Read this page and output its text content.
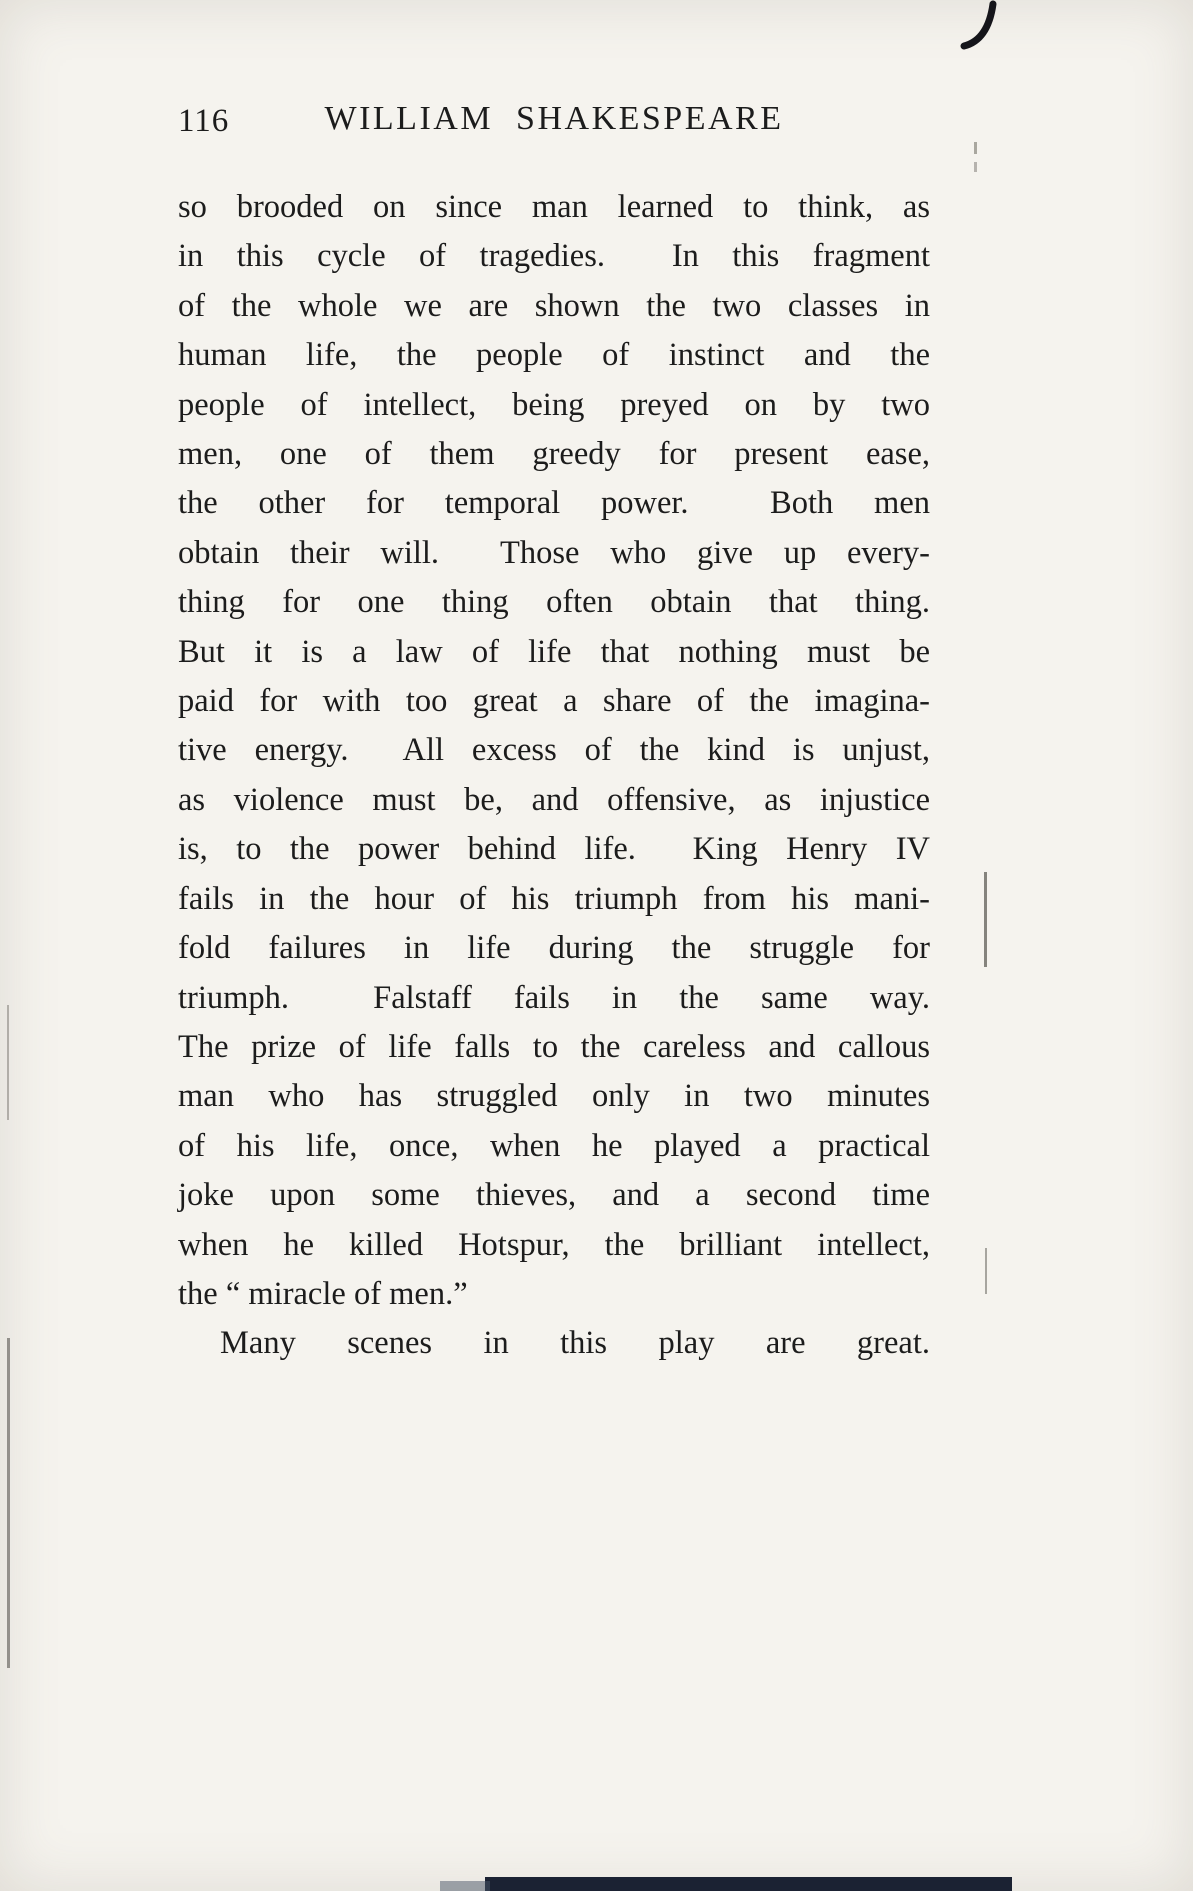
116	WILLIAM SHAKESPEARE
so brooded on since man learned to think, as
in this cycle of tragedies.  In this fragment
of the whole we are shown the two classes in
human life, the people of instinct and the
people of intellect, being preyed on by two
men, one of them greedy for present ease,
the other for temporal power.  Both men
obtain their will.  Those who give up every-
thing for one thing often obtain that thing.
But it is a law of life that nothing must be
paid for with too great a share of the imagina-
tive energy.  All excess of the kind is unjust,
as violence must be, and offensive, as injustice
is, to the power behind life.  King Henry IV
fails in the hour of his triumph from his mani-
fold failures in life during the struggle for
triumph.  Falstaff fails in the same way.
The prize of life falls to the careless and callous
man who has struggled only in two minutes
of his life, once, when he played a practical
joke upon some thieves, and a second time
when he killed Hotspur, the brilliant intellect,
the “ miracle of men.”
Many scenes in this play are great.
